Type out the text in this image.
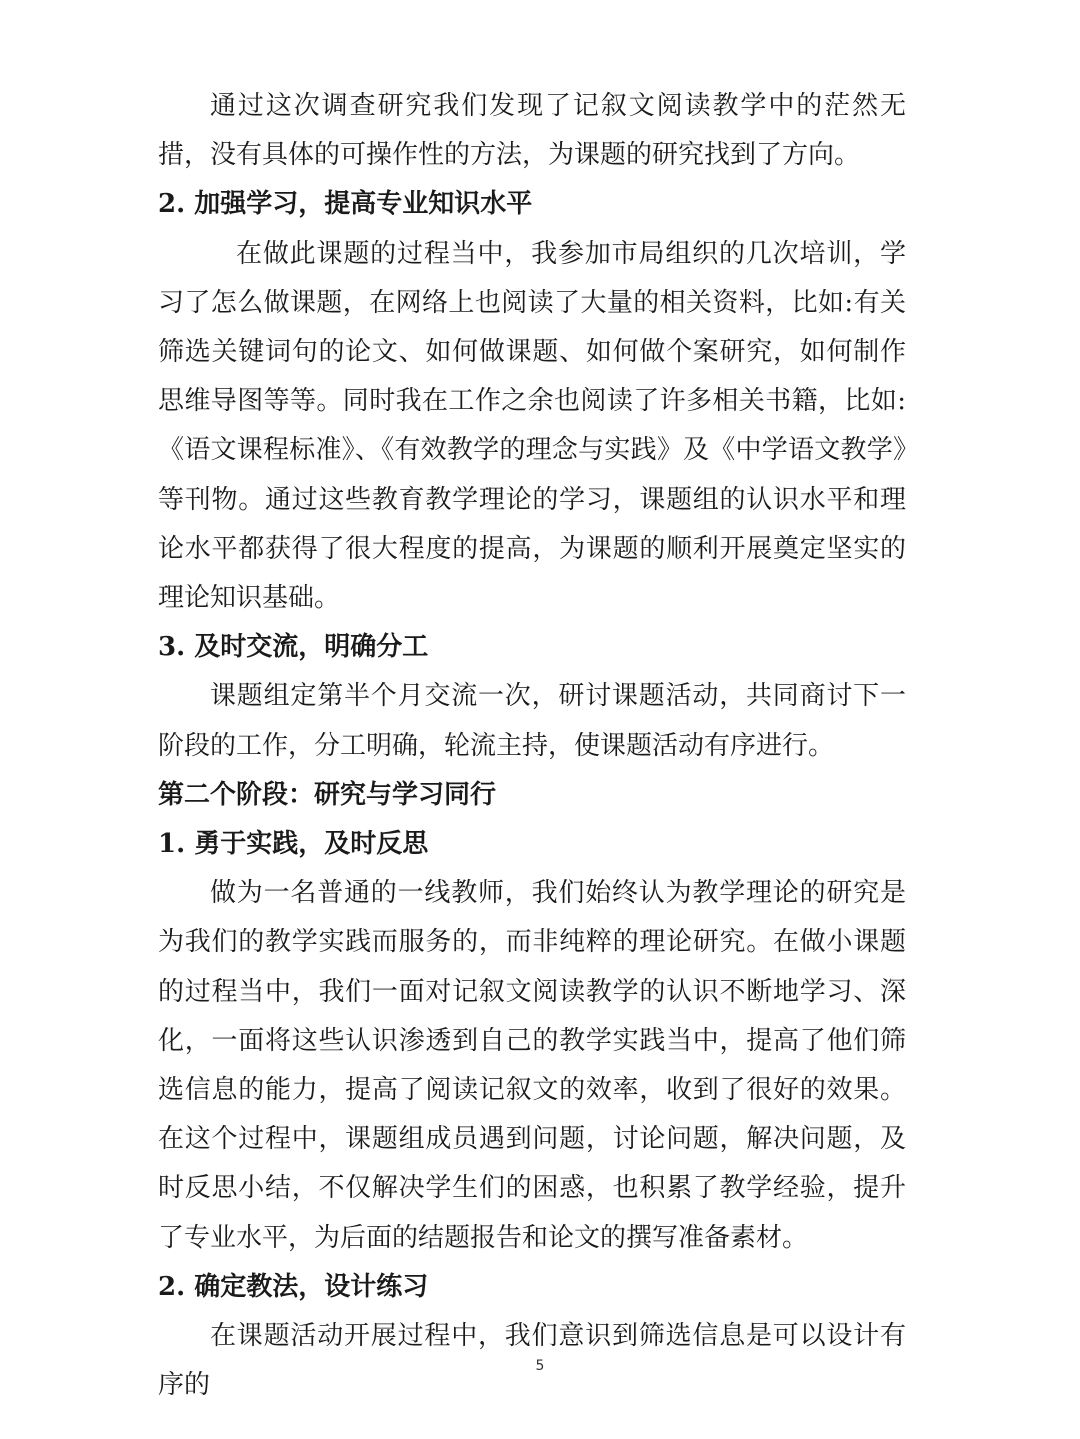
通过这次调查研究我们发现了记叙文阅读教学中的茫然无措，没有具体的可操作性的方法，为课题的研究找到了方向。

2. 加强学习，提高专业知识水平

在做此课题的过程当中，我参加市局组织的几次培训，学习了怎么做课题，在网络上也阅读了大量的相关资料，比如:有关筛选关键词句的论文、如何做课题、如何做个案研究，如何制作思维导图等等。同时我在工作之余也阅读了许多相关书籍，比如:《语文课程标准》、《有效教学的理念与实践》及《中学语文教学》等刊物。通过这些教育教学理论的学习，课题组的认识水平和理论水平都获得了很大程度的提高，为课题的顺利开展奠定坚实的理论知识基础。

3. 及时交流，明确分工

课题组定第半个月交流一次，研讨课题活动，共同商讨下一阶段的工作，分工明确，轮流主持，使课题活动有序进行。

第二个阶段：研究与学习同行
1. 勇于实践，及时反思

做为一名普通的一线教师，我们始终认为教学理论的研究是为我们的教学实践而服务的，而非纯粹的理论研究。在做小课题的过程当中，我们一面对记叙文阅读教学的认识不断地学习、深化，一面将这些认识渗透到自己的教学实践当中，提高了他们筛选信息的能力，提高了阅读记叙文的效率，收到了很好的效果。在这个过程中，课题组成员遇到问题，讨论问题，解决问题，及时反思小结，不仅解决学生们的困惑，也积累了教学经验，提升了专业水平，为后面的结题报告和论文的撰写准备素材。

2. 确定教法，设计练习

在课题活动开展过程中，我们意识到筛选信息是可以设计有序的

5
